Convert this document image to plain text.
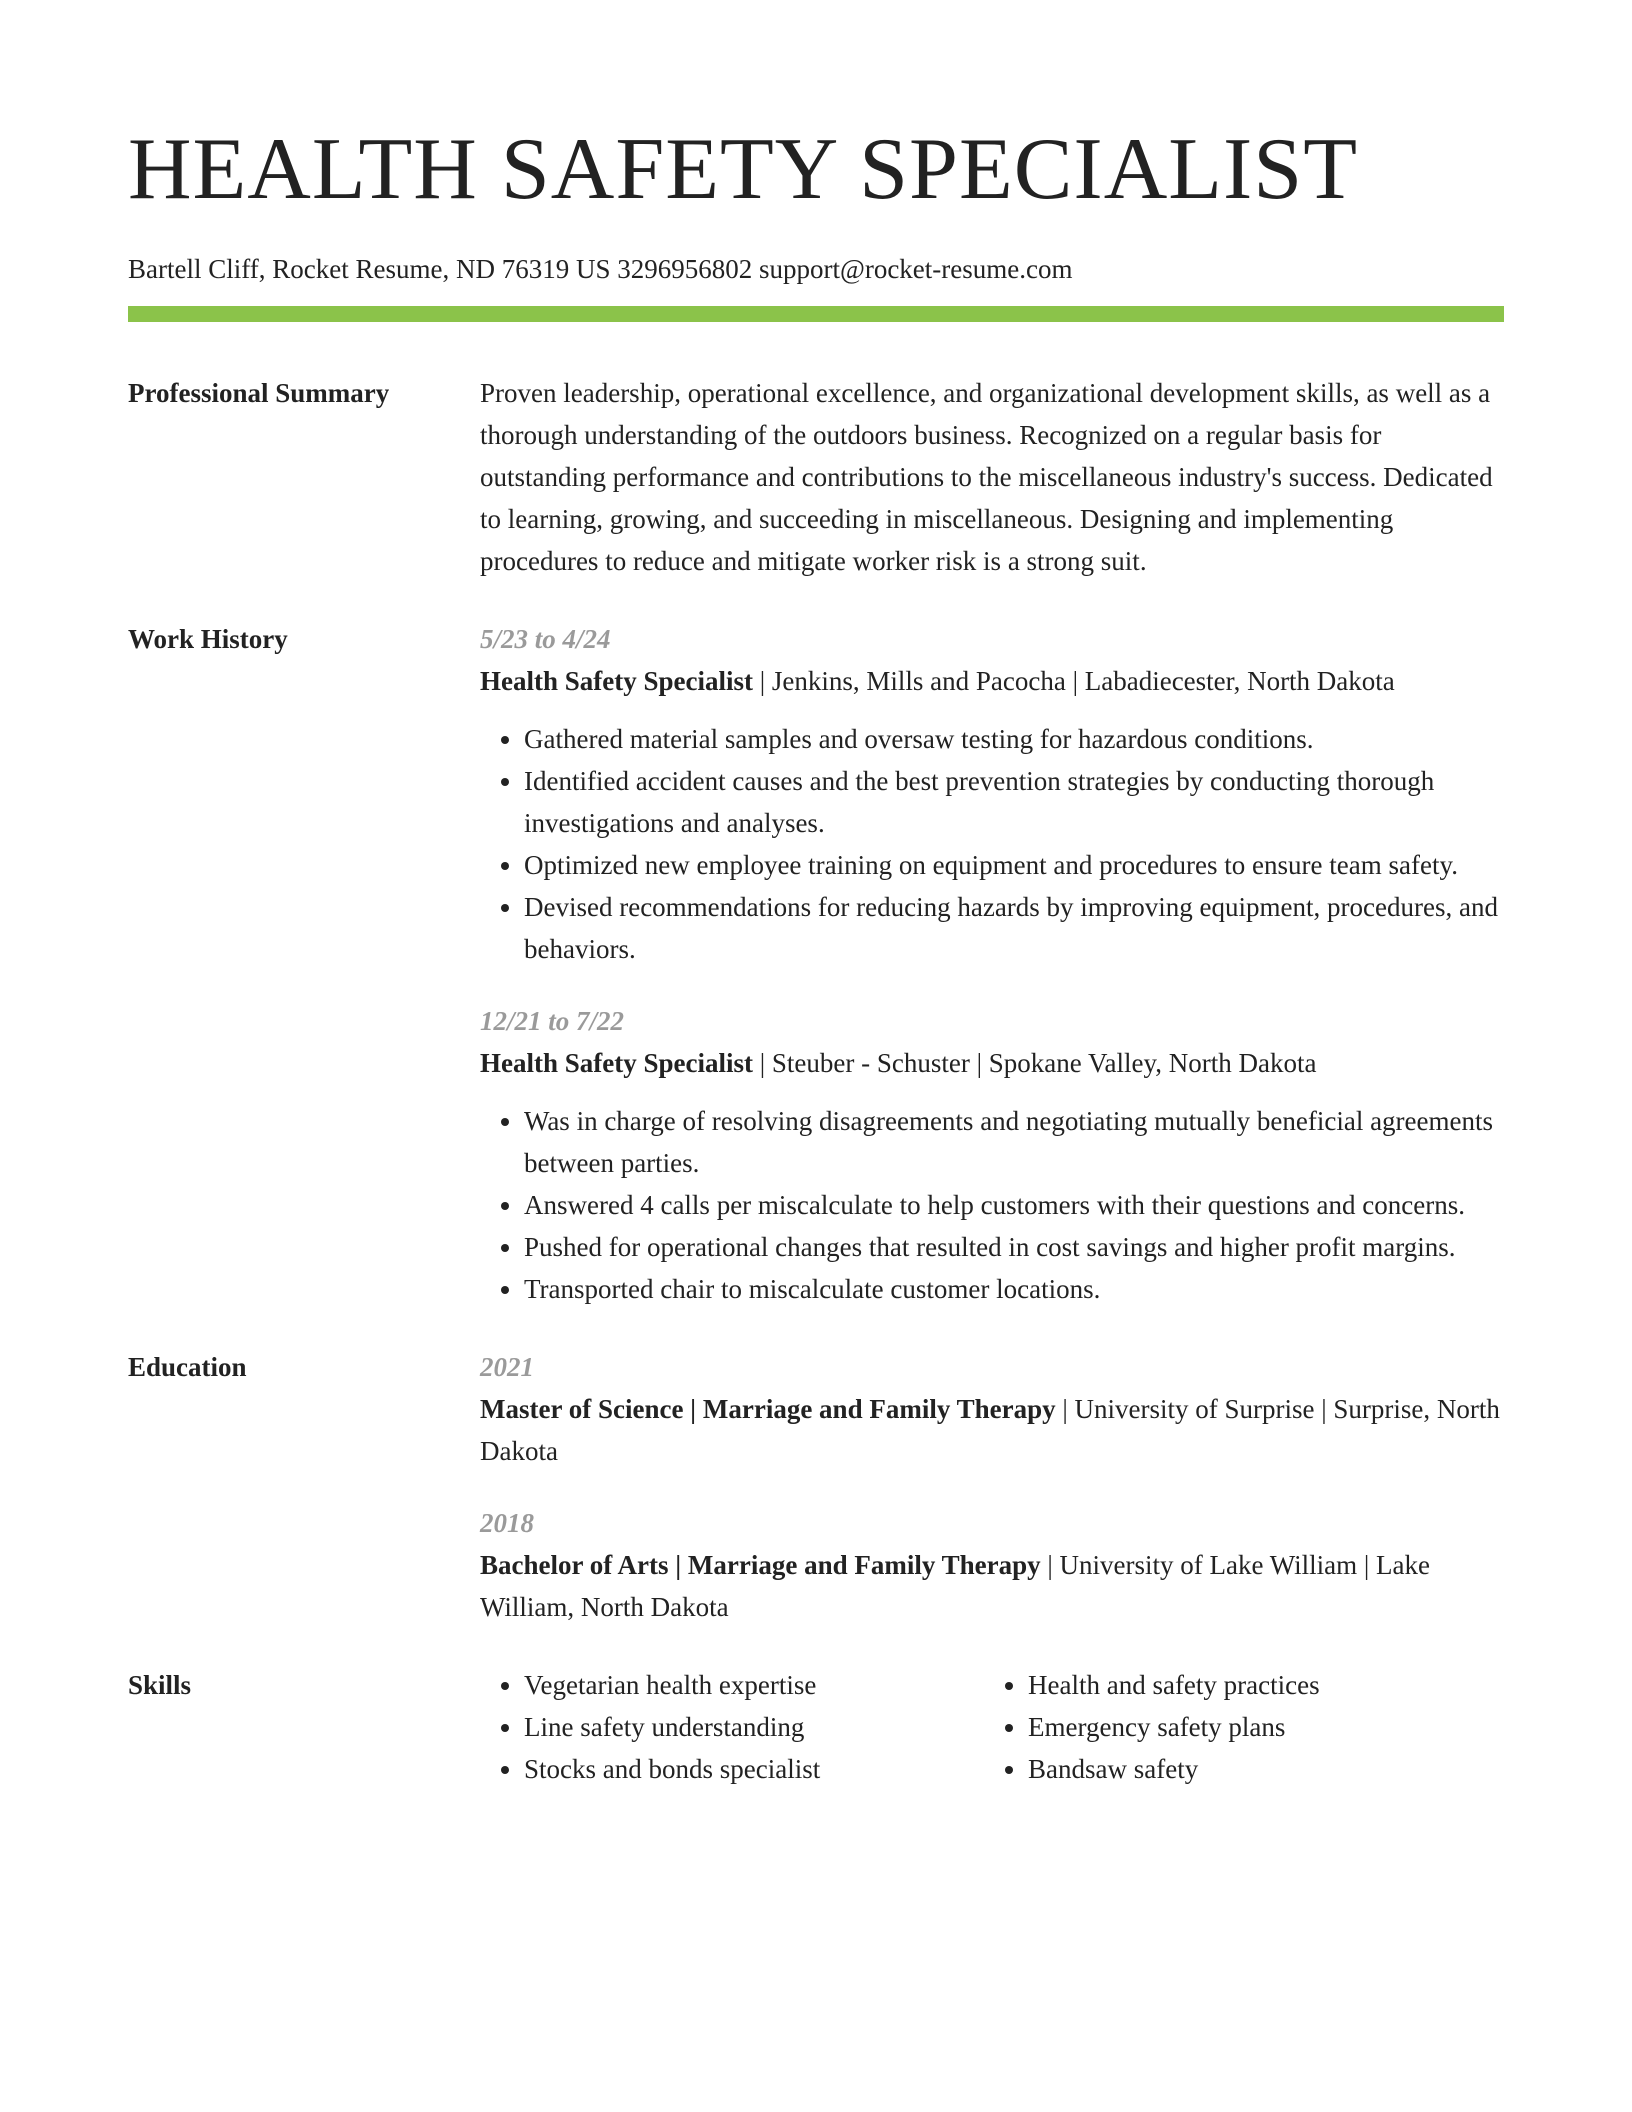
HEALTH SAFETY SPECIALIST
Bartell Cliff, Rocket Resume, ND 76319 US 3296956802 support@rocket-resume.com
Professional Summary	Proven leadership, operational excellence, and organizational development skills, as well as a thorough understanding of the outdoors business. Recognized on a regular basis for outstanding performance and contributions to the miscellaneous industry's success. Dedicated to learning, growing, and succeeding in miscellaneous. Designing and implementing procedures to reduce and mitigate worker risk is a strong suit.

Work History	5/23 to 4/24
Health Safety Specialist | Jenkins, Mills and Pacocha | Labadiecester, North Dakota
• Gathered material samples and oversaw testing for hazardous conditions.
• Identified accident causes and the best prevention strategies by conducting thorough investigations and analyses.
• Optimized new employee training on equipment and procedures to ensure team safety.
• Devised recommendations for reducing hazards by improving equipment, procedures, and behaviors.
12/21 to 7/22
Health Safety Specialist | Steuber - Schuster | Spokane Valley, North Dakota
• Was in charge of resolving disagreements and negotiating mutually beneficial agreements between parties.
• Answered 4 calls per miscalculate to help customers with their questions and concerns.
• Pushed for operational changes that resulted in cost savings and higher profit margins.
• Transported chair to miscalculate customer locations.
Education	2021
Master of Science | Marriage and Family Therapy | University of Surprise | Surprise, North Dakota
2018
Bachelor of Arts | Marriage and Family Therapy | University of Lake William | Lake William, North Dakota
Skills
•	Vegetarian health expertise
• Line safety understanding
• Stocks and bonds specialist
• Health and safety practices
• Emergency safety plans
• Bandsaw safety
